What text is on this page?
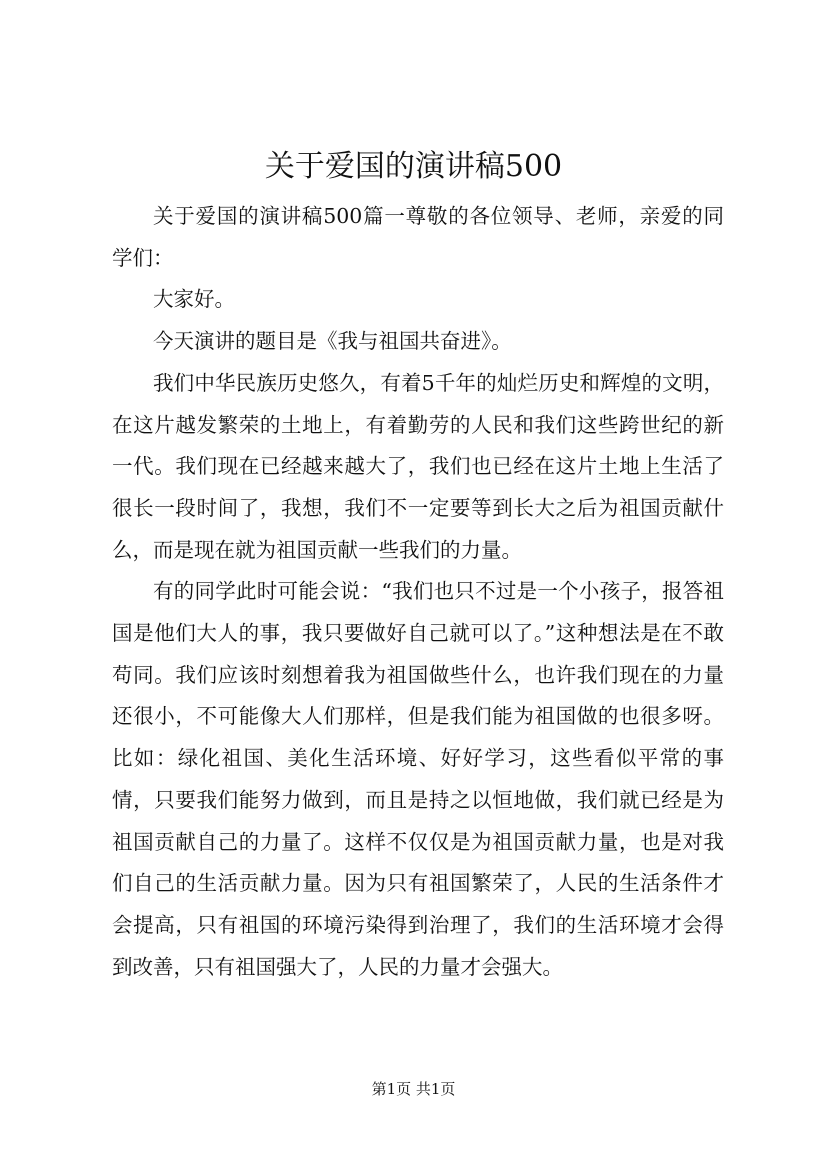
关于爱国的演讲稿500

关于爱国的演讲稿500篇一尊敬的各位领导、老师，亲爱的同学们：

大家好。

今天演讲的题目是《我与祖国共奋进》。

我们中华民族历史悠久，有着5千年的灿烂历史和辉煌的文明，在这片越发繁荣的土地上，有着勤劳的人民和我们这些跨世纪的新一代。我们现在已经越来越大了，我们也已经在这片土地上生活了很长一段时间了，我想，我们不一定要等到长大之后为祖国贡献什么，而是现在就为祖国贡献一些我们的力量。

有的同学此时可能会说：“我们也只不过是一个小孩子，报答祖国是他们大人的事，我只要做好自己就可以了。”这种想法是在不敢苟同。我们应该时刻想着我为祖国做些什么，也许我们现在的力量还很小，不可能像大人们那样，但是我们能为祖国做的也很多呀。比如：绿化祖国、美化生活环境、好好学习，这些看似平常的事情，只要我们能努力做到，而且是持之以恒地做，我们就已经是为祖国贡献自己的力量了。这样不仅仅是为祖国贡献力量，也是对我们自己的生活贡献力量。因为只有祖国繁荣了，人民的生活条件才会提高，只有祖国的环境污染得到治理了，我们的生活环境才会得到改善，只有祖国强大了，人民的力量才会强大。

第1页 共1页
